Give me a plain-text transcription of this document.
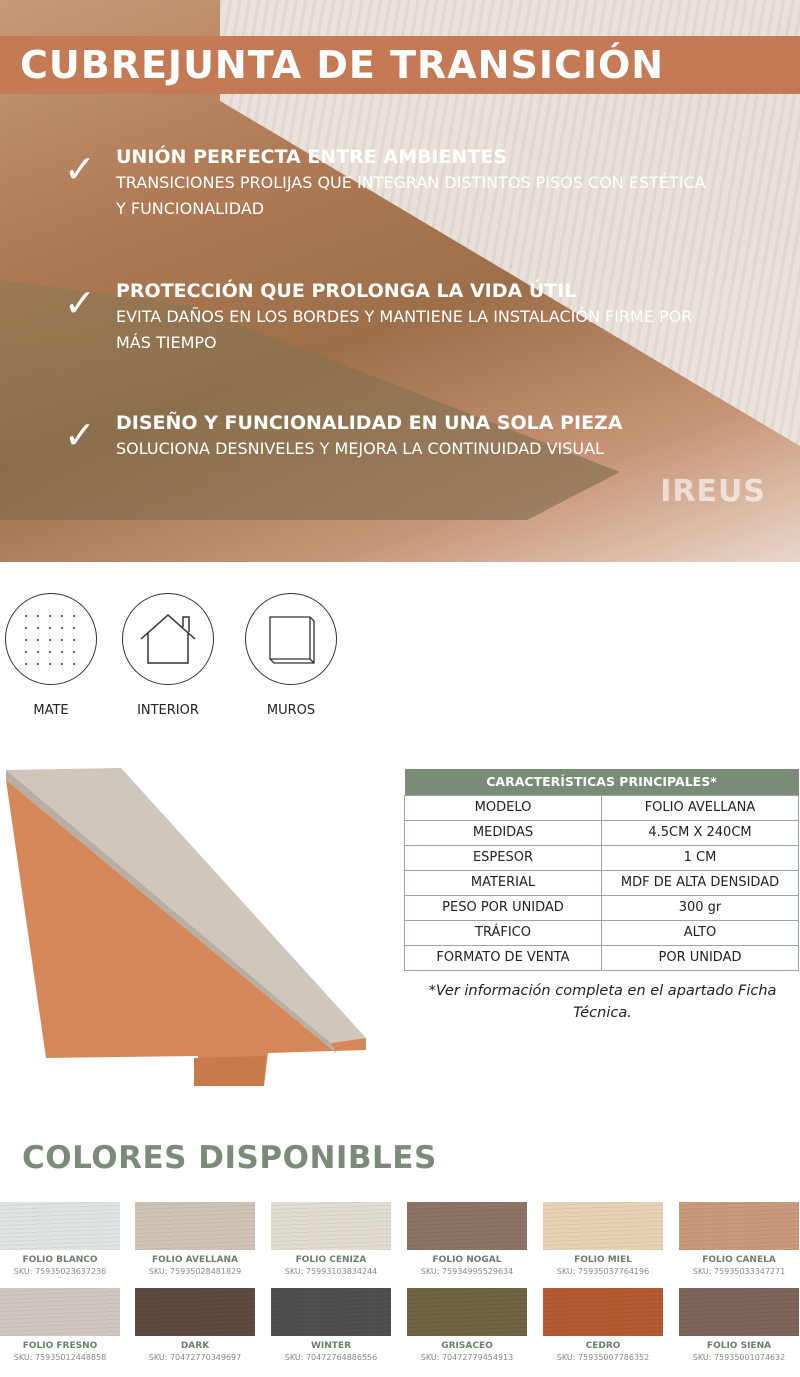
CUBREJUNTA DE TRANSICIÓN
✓ UNIÓN PERFECTA ENTRE AMBIENTES
TRANSICIONES PROLIJAS QUE INTEGRAN DISTINTOS PISOS CON ESTÉTICA Y FUNCIONALIDAD
✓ PROTECCIÓN QUE PROLONGA LA VIDA ÚTIL
EVITA DAÑOS EN LOS BORDES Y MANTIENE LA INSTALACIÓN FIRME POR MÁS TIEMPO
✓ DISEÑO Y FUNCIONALIDAD EN UNA SOLA PIEZA
SOLUCIONA DESNIVELES Y MEJORA LA CONTINUIDAD VISUAL
IREUS
MATE	INTERIOR	MUROS
CARACTERÍSTICAS PRINCIPALES*	
MODELO	FOLIO AVELLANA
MEDIDAS	4.5CM X 240CM
ESPESOR	1 CM
MATERIAL	MDF DE ALTA DENSIDAD
PESO POR UNIDAD	300 gr
TRÁFICO	ALTO
FORMATO DE VENTA	POR UNIDAD
*Ver información completa en el apartado Ficha Técnica.
COLORES DISPONIBLES
FOLIO BLANCO
SKU: 75935023637236
FOLIO AVELLANA
SKU: 75935028481829
FOLIO CENIZA
SKU: 75993103834244
FOLIO NOGAL
SKU: 75934995529634
FOLIO MIEL
SKU: 75935037764196
FOLIO CANELA
SKU: 75935033347271
FOLIO FRESNO
SKU: 75935012448858
DARK
SKU: 70472770349697
WINTER
SKU: 70472764886556
GRISACEO
SKU: 70472779454913
CEDRO
SKU: 75935007786352
FOLIO SIENA
SKU: 75935001074632
